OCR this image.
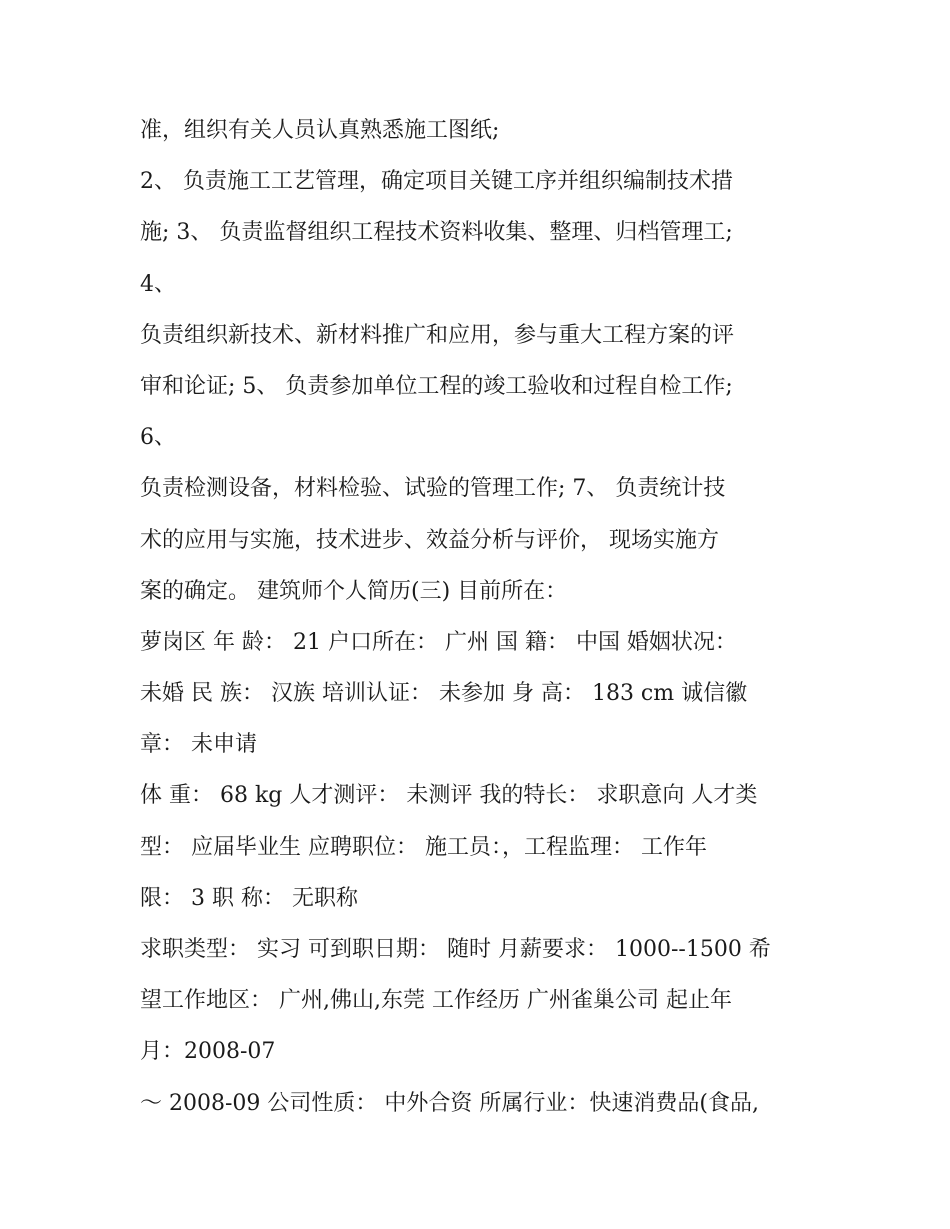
准，组织有关人员认真熟悉施工图纸;
2、 负责施工工艺管理，确定项目关键工序并组织编制技术措
施; 3、 负责监督组织工程技术资料收集、整理、归档管理工;
4、
负责组织新技术、新材料推广和应用，参与重大工程方案的评
审和论证; 5、 负责参加单位工程的竣工验收和过程自检工作;
6、
负责检测设备，材料检验、试验的管理工作; 7、 负责统计技
术的应用与实施，技术进步、效益分析与评价， 现场实施方
案的确定。 建筑师个人简历(三) 目前所在：
萝岗区 年 龄： 21 户口所在： 广州 国 籍： 中国 婚姻状况：
未婚 民 族： 汉族 培训认证： 未参加 身 高： 183 cm 诚信徽
章： 未申请
体 重： 68 kg 人才测评： 未测评 我的特长： 求职意向 人才类
型： 应届毕业生 应聘职位： 施工员：，工程监理： 工作年
限： 3 职 称： 无职称
求职类型： 实习 可到职日期： 随时 月薪要求： 1000--1500 希
望工作地区： 广州,佛山,东莞 工作经历 广州雀巢公司 起止年
月：2008-07
～ 2008-09 公司性质： 中外合资 所属行业：快速消费品(食品,
